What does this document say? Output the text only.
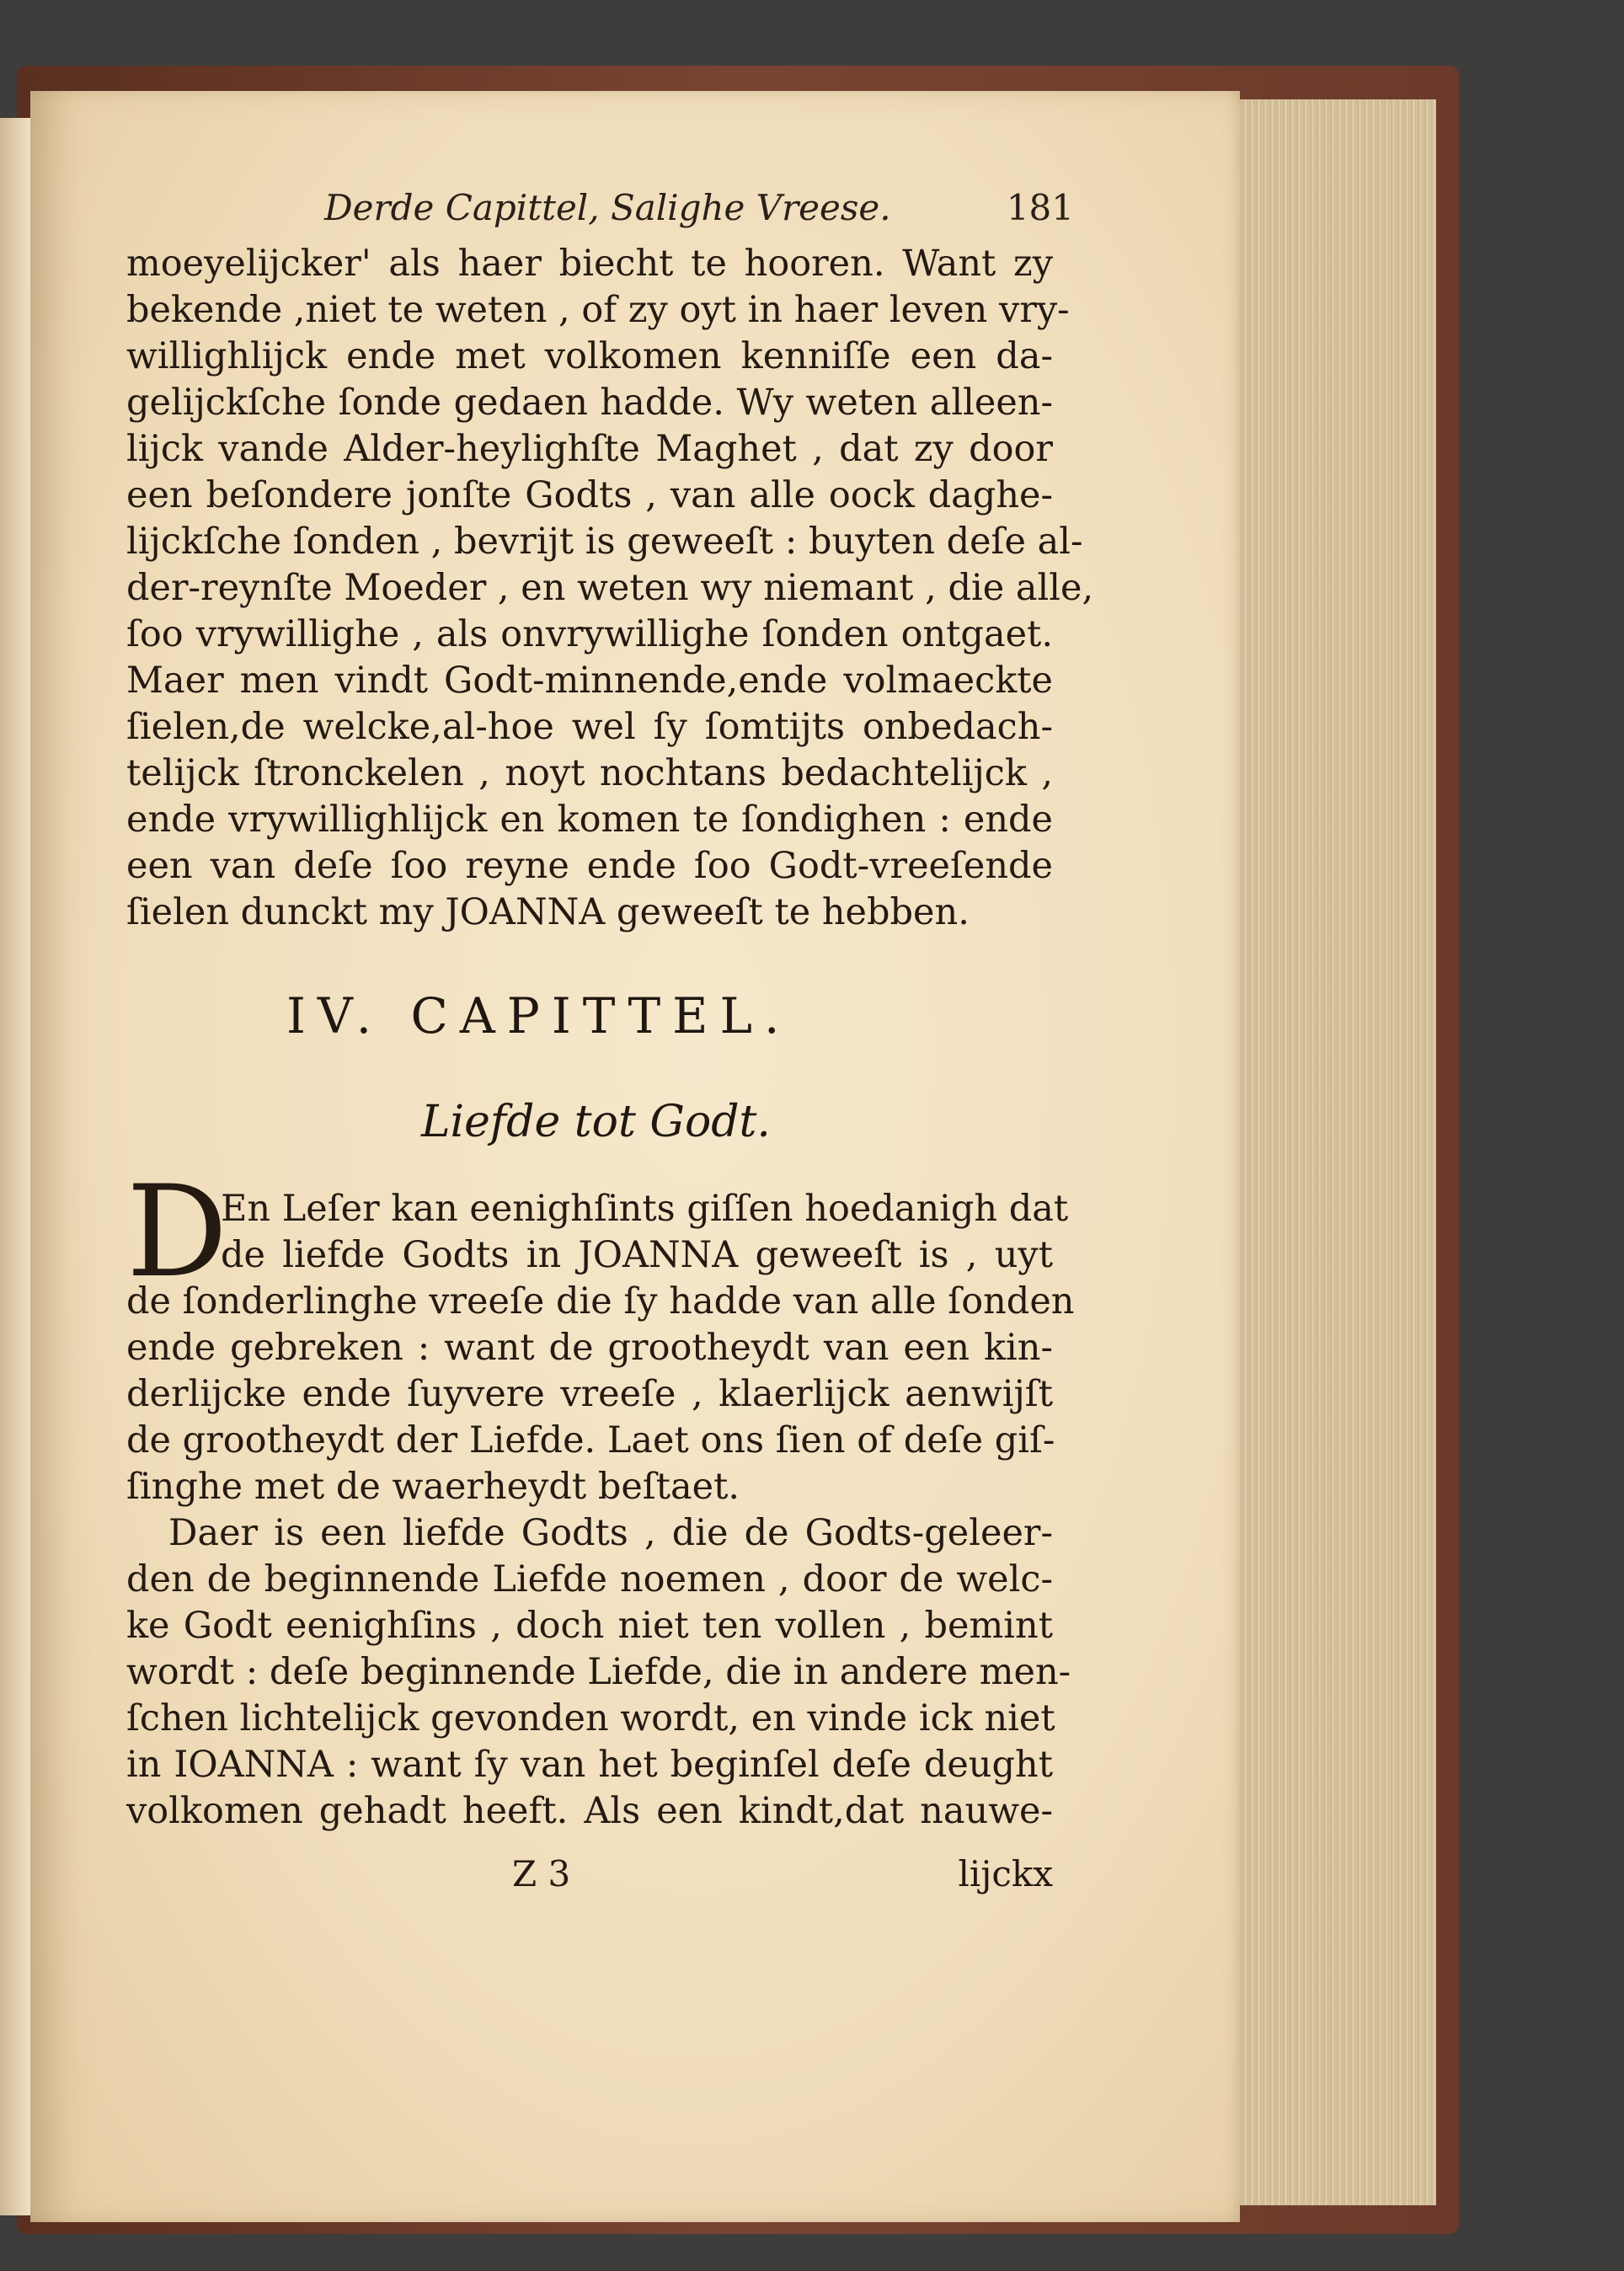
Derde Capittel, Salighe Vreese.	181
moeyelijcker' als haer biecht te hooren. Want zy
bekende ,niet te weten , of zy oyt in haer leven vry-
willighlijck ende met volkomen kenniſſe een da-
gelijckſche ſonde gedaen hadde. Wy weten alleen-
lijck vande Alder-heylighſte Maghet , dat zy door
een beſondere jonſte Godts , van alle oock daghe-
lijckſche ſonden , bevrijt is geweeſt : buyten deſe al-
der-reynſte Moeder , en weten wy niemant , die alle,
ſoo vrywillighe , als onvrywillighe ſonden ontgaet.
Maer men vindt Godt-minnende,ende volmaeckte
ſielen,de welcke,al-hoe wel ſy ſomtijts onbedach-
telijck ſtronckelen , noyt nochtans bedachtelijck ,
ende vrywillighlijck en komen te ſondighen : ende
een van deſe ſoo reyne ende ſoo Godt-vreeſende
ſielen dunckt my JOANNA geweeſt te hebben.
IV. CAPITTEL.
Liefde tot Godt.
D
En Leſer kan eenighſints giſſen hoedanigh dat
de liefde Godts in JOANNA geweeſt is , uyt
de ſonderlinghe vreeſe die ſy hadde van alle ſonden
ende gebreken : want de grootheydt van een kin-
derlijcke ende ſuyvere vreeſe , klaerlijck aenwijſt
de grootheydt der Liefde. Laet ons ſien of deſe giſ-
ſinghe met de waerheydt beſtaet.
Daer is een liefde Godts , die de Godts-geleer-
den de beginnende Liefde noemen , door de welc-
ke Godt eenighſins , doch niet ten vollen , bemint
wordt : deſe beginnende Liefde, die in andere men-
ſchen lichtelijck gevonden wordt, en vinde ick niet
in IOANNA : want ſy van het beginſel deſe deught
volkomen gehadt heeft. Als een kindt,dat nauwe-
Z 3	lijckx
